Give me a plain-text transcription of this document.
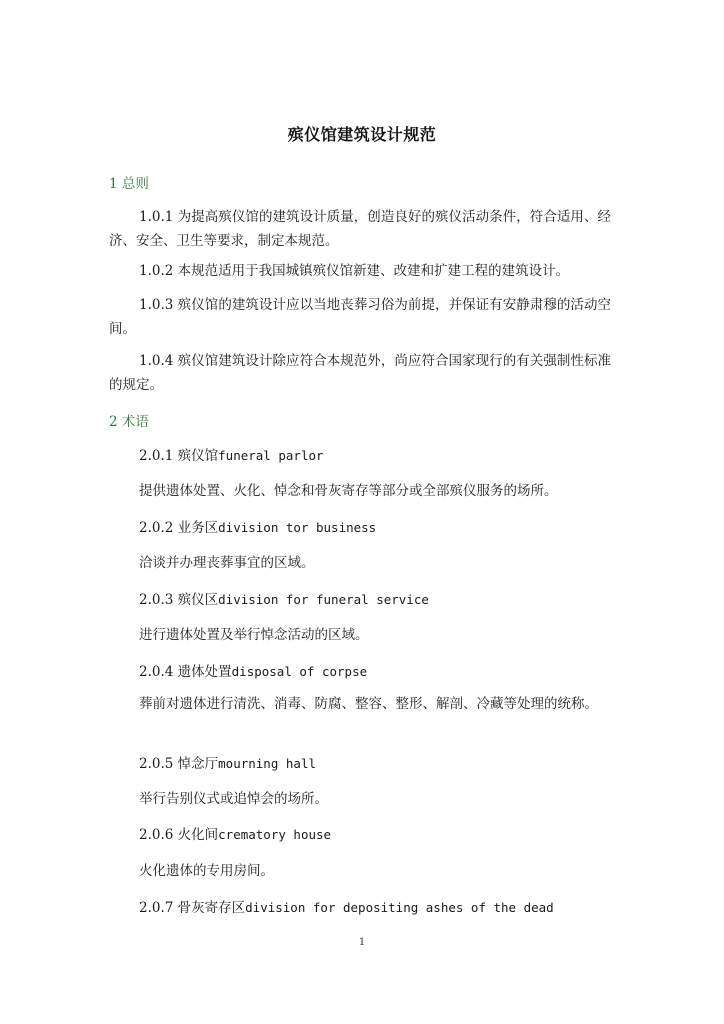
殡仪馆建筑设计规范
1 总则
1.0.1 为提高殡仪馆的建筑设计质量，创造良好的殡仪活动条件，符合适用、经济、安全、卫生等要求，制定本规范。
1.0.2 本规范适用于我国城镇殡仪馆新建、改建和扩建工程的建筑设计。
1.0.3 殡仪馆的建筑设计应以当地丧葬习俗为前提，并保证有安静肃穆的活动空间。
1.0.4 殡仪馆建筑设计除应符合本规范外，尚应符合国家现行的有关强制性标准的规定。
2 术语
2.0.1 殡仪馆funeral parlor
提供遗体处置、火化、悼念和骨灰寄存等部分或全部殡仪服务的场所。
2.0.2 业务区division tor business
洽谈并办理丧葬事宜的区域。
2.0.3 殡仪区division for funeral service
进行遗体处置及举行悼念活动的区域。
2.0.4 遗体处置disposal of corpse
葬前对遗体进行清洗、消毒、防腐、整容、整形、解剖、冷藏等处理的统称。
2.0.5 悼念厅mourning hall
举行告别仪式或追悼会的场所。
2.0.6 火化间crematory house
火化遗体的专用房间。
2.0.7 骨灰寄存区division for depositing ashes of the dead
1
